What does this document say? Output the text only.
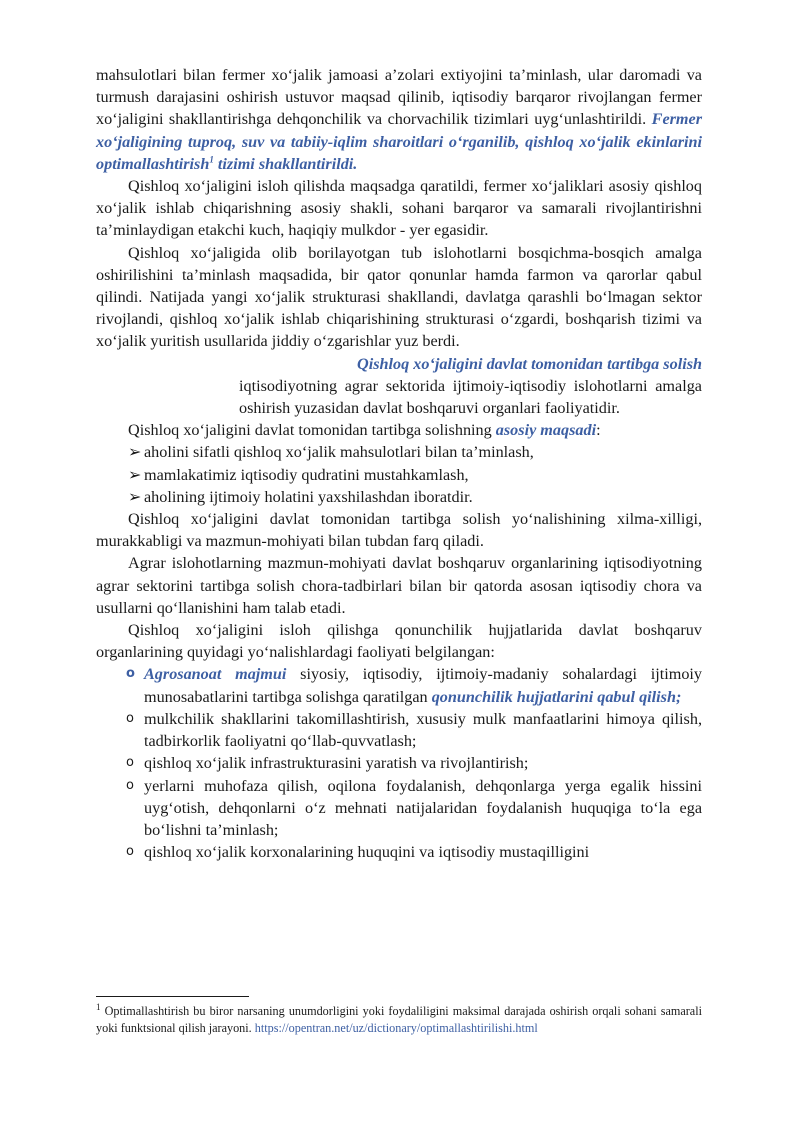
mahsulotlari bilan fermer xo‘jalik jamoasi a’zolari extiyojini ta’minlash, ular daromadi va turmush darajasini oshirish ustuvor maqsad qilinib, iqtisodiy barqaror rivojlangan fermer xo‘jaligini shakllantirishga dehqonchilik va chorvachilik tizimlari uyg‘unlashtirildi. Fermer xo‘jaligining tuproq, suv va tabiiy-iqlim sharoitlari o‘rganilib, qishloq xo‘jalik ekinlarini optimallashtirish$^1$ tizimi shakllantirildi.

Qishloq xo‘jaligini isloh qilishda maqsadga qaratildi, fermer xo‘jaliklari asosiy qishloq xo‘jalik ishlab chiqarishning asosiy shakli, sohani barqaror va samarali rivojlantirishni ta’minlaydigan etakchi kuch, haqiqiy mulkdor - yer egasidir.

Qishloq xo‘jaligida olib borilayotgan tub islohotlarni bosqichma-bosqich amalga oshirilishini ta’minlash maqsadida, bir qator qonunlar hamda farmon va qarorlar qabul qilindi. Natijada yangi xo‘jalik strukturasi shakllandi, davlatga qarashli bo‘lmagan sektor rivojlandi, qishloq xo‘jalik ishlab chiqarishining strukturasi o‘zgardi, boshqarish tizimi va xo‘jalik yuritish usullarida jiddiy o‘zgarishlar yuz berdi.

Qishloq xo‘jaligini davlat tomonidan tartibga solish

iqtisodiyotning agrar sektorida ijtimoiy-iqtisodiy islohotlarni amalga oshirish yuzasidan davlat boshqaruvi organlari faoliyatidir.

Qishloq xo‘jaligini davlat tomonidan tartibga solishning asosiy maqsadi:

➢ aholini sifatli qishloq xo‘jalik mahsulotlari bilan ta’minlash,
➢ mamlakatimiz iqtisodiy qudratini mustahkamlash,
➢ aholining ijtimoiy holatini yaxshilashdan iboratdir.

Qishloq xo‘jaligini davlat tomonidan tartibga solish yo‘nalishining xilma-xilligi, murakkabligi va mazmun-mohiyati bilan tubdan farq qiladi.

Agrar islohotlarning mazmun-mohiyati davlat boshqaruv organlarining iqtisodiyotning agrar sektorini tartibga solish chora-tadbirlari bilan bir qatorda asosan iqtisodiy chora va usullarni qo‘llanishini ham talab etadi.

Qishloq xo‘jaligini isloh qilishga qonunchilik hujjatlarida davlat boshqaruv organlarining quyidagi yo‘nalishlardagi faoliyati belgilangan:

o Agrosanoat majmui siyosiy, iqtisodiy, ijtimoiy-madaniy sohalardagi ijtimoiy munosabatlarini tartibga solishga qaratilgan qonunchilik hujjatlarini qabul qilish;
o mulkchilik shakllarini takomillashtirish, xususiy mulk manfaatlarini himoya qilish, tadbirkorlik faoliyatni qo‘llab-quvvatlash;
o qishloq xo‘jalik infrastrukturasini yaratish va rivojlantirish;
o yerlarni muhofaza qilish, oqilona foydalanish, dehqonlarga yerga egalik hissini uyg‘otish, dehqonlarni o‘z mehnati natijalaridan foydalanish huquqiga to‘la ega bo‘lishni ta’minlash;
o qishloq xo‘jalik korxonalarining huquqini va iqtisodiy mustaqilligini
$^1$ Optimallashtirish bu biror narsaning unumdorligini yoki foydaliligini maksimal darajada oshirish orqali sohani samarali yoki funktsional qilish jarayoni. https://opentran.net/uz/dictionary/optimallashtirilishi.html
